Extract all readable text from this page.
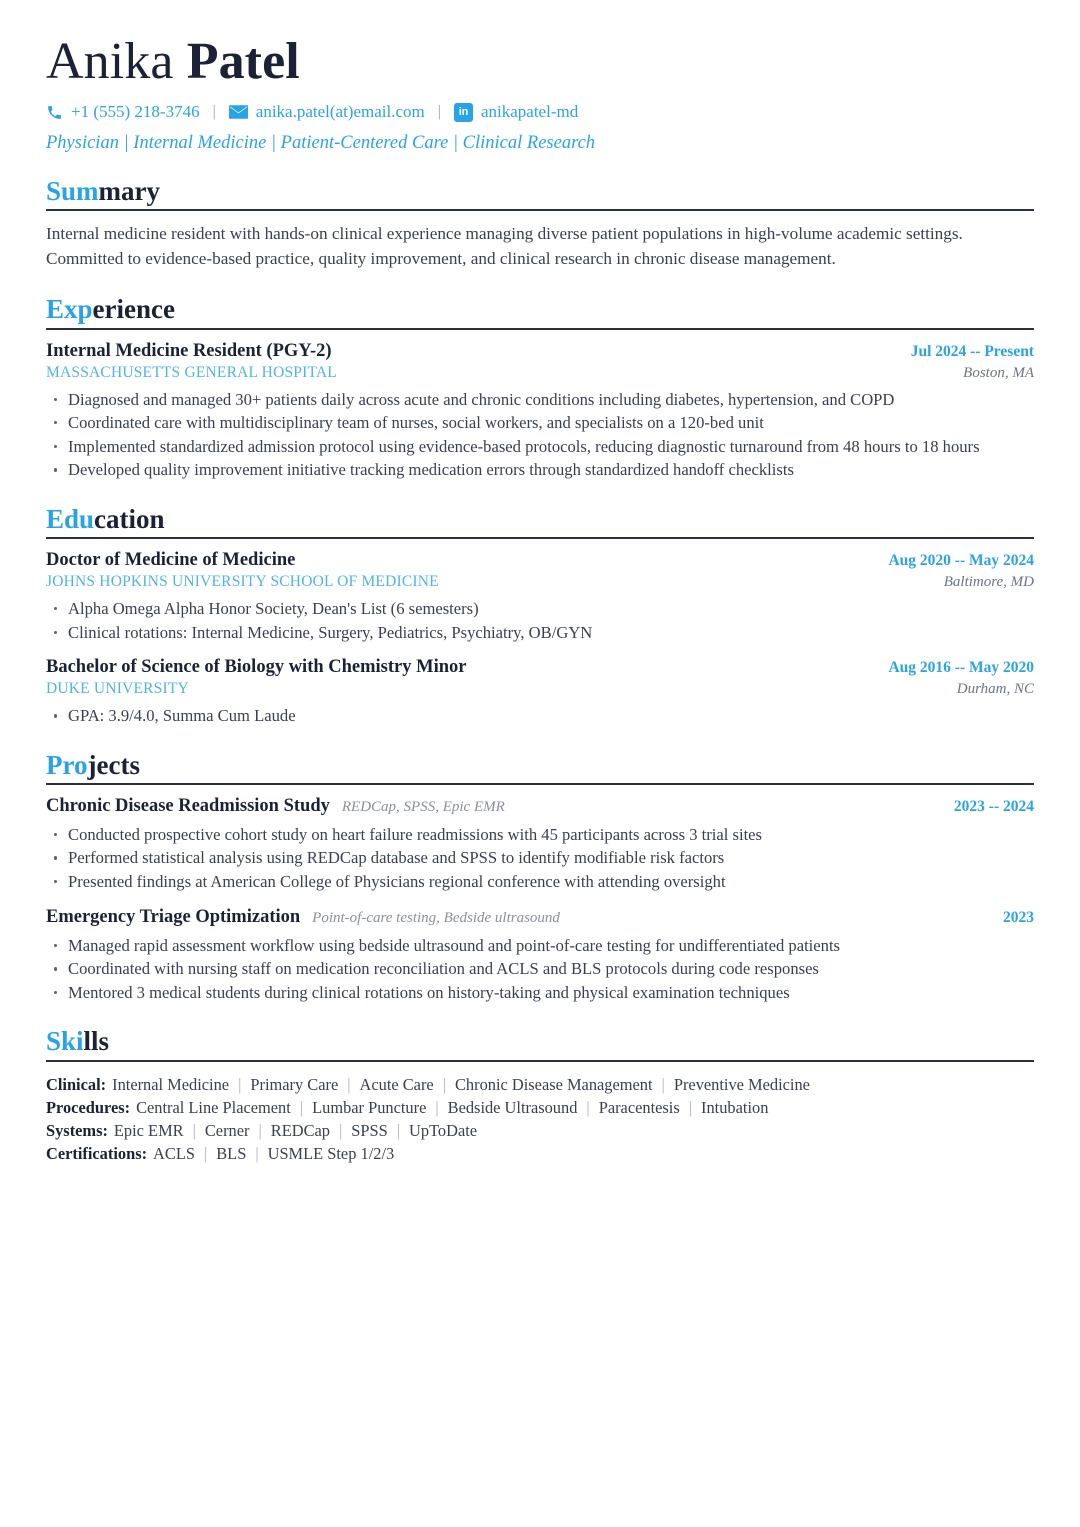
Anika Patel
+1 (555) 218-3746 | anika.patel(at)email.com |	in anikapatel-md
Physician | Internal Medicine | Patient-Centered Care | Clinical Research
Summary
Internal medicine resident with hands-on clinical experience managing diverse patient populations in high-volume academic settings. Committed to evidence-based practice, quality improvement, and clinical research in chronic disease management.
Experience
Internal Medicine Resident (PGY-2)	Jul 2024 -- Present
MASSACHUSETTS GENERAL HOSPITAL	Boston, MA
Diagnosed and managed 30+ patients daily across acute and chronic conditions including diabetes, hypertension, and COPD
Coordinated care with multidisciplinary team of nurses, social workers, and specialists on a 120-bed unit
Implemented standardized admission protocol using evidence-based protocols, reducing diagnostic turnaround from 48 hours to 18 hours
Developed quality improvement initiative tracking medication errors through standardized handoff checklists
Education
Doctor of Medicine of Medicine	Aug 2020 -- May 2024
JOHNS HOPKINS UNIVERSITY SCHOOL OF MEDICINE	Baltimore, MD
Alpha Omega Alpha Honor Society, Dean's List (6 semesters)
Clinical rotations: Internal Medicine, Surgery, Pediatrics, Psychiatry, OB/GYN
Bachelor of Science of Biology with Chemistry Minor	Aug 2016 -- May 2020
DUKE UNIVERSITY	Durham, NC
GPA: 3.9/4.0, Summa Cum Laude
Projects
Chronic Disease Readmission Study REDCap, SPSS, Epic EMR	2023 -- 2024
Conducted prospective cohort study on heart failure readmissions with 45 participants across 3 trial sites
Performed statistical analysis using REDCap database and SPSS to identify modifiable risk factors
Presented findings at American College of Physicians regional conference with attending oversight
Emergency Triage Optimization Point-of-care testing, Bedside ultrasound	2023
Managed rapid assessment workflow using bedside ultrasound and point-of-care testing for undifferentiated patients
Coordinated with nursing staff on medication reconciliation and ACLS and BLS protocols during code responses
Mentored 3 medical students during clinical rotations on history-taking and physical examination techniques
Skills
Clinical: Internal Medicine | Primary Care | Acute Care | Chronic Disease Management | Preventive Medicine
Procedures: Central Line Placement | Lumbar Puncture | Bedside Ultrasound | Paracentesis | Intubation
Systems: Epic EMR | Cerner | REDCap | SPSS | UpToDate
Certifications: ACLS | BLS | USMLE Step 1/2/3
